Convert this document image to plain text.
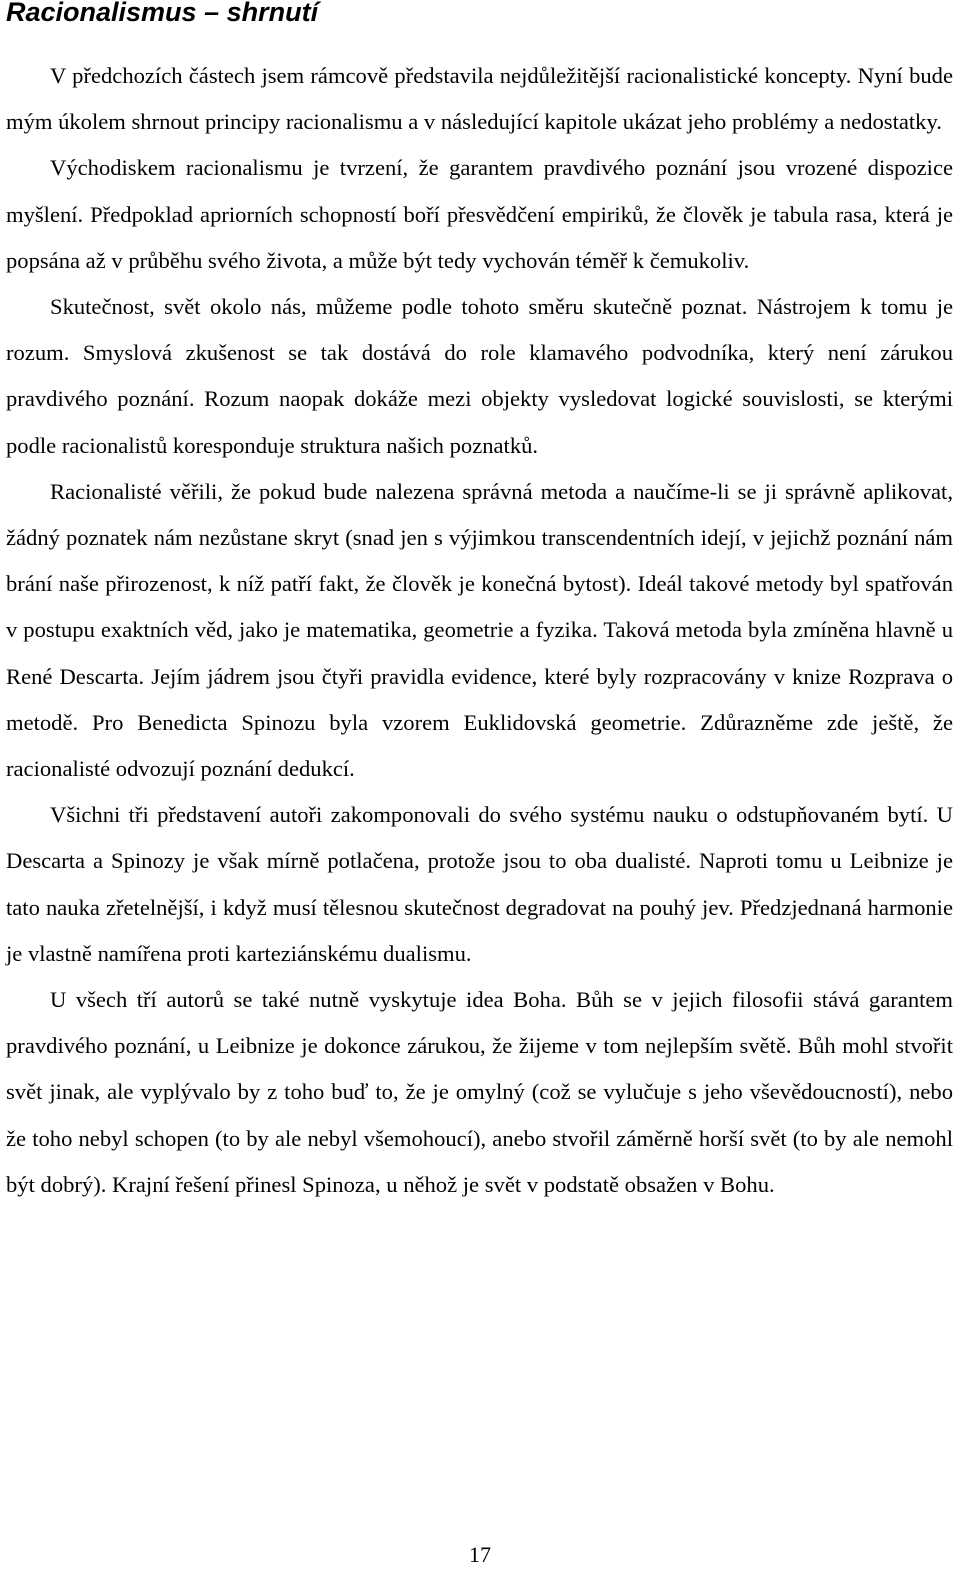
Racionalismus – shrnutí

V předchozích částech jsem rámcově představila nejdůležitější racionalistické koncepty. Nyní bude mým úkolem shrnout principy racionalismu a v následující kapitole ukázat jeho problémy a nedostatky.

Východiskem racionalismu je tvrzení, že garantem pravdivého poznání jsou vrozené dispozice myšlení. Předpoklad apriorních schopností boří přesvědčení empiriků, že člověk je tabula rasa, která je popsána až v průběhu svého života, a může být tedy vychován téměř k čemukoliv.

Skutečnost, svět okolo nás, můžeme podle tohoto směru skutečně poznat. Nástrojem k tomu je rozum. Smyslová zkušenost se tak dostává do role klamavého podvodníka, který není zárukou pravdivého poznání. Rozum naopak dokáže mezi objekty vysledovat logické souvislosti, se kterými podle racionalistů koresponduje struktura našich poznatků.

Racionalisté věřili, že pokud bude nalezena správná metoda a naučíme-li se ji správně aplikovat, žádný poznatek nám nezůstane skryt (snad jen s výjimkou transcendentních idejí, v jejichž poznání nám brání naše přirozenost, k níž patří fakt, že člověk je konečná bytost). Ideál takové metody byl spatřován v postupu exaktních věd, jako je matematika, geometrie a fyzika. Taková metoda byla zmíněna hlavně u René Descarta. Jejím jádrem jsou čtyři pravidla evidence, které byly rozpracovány v knize Rozprava o metodě. Pro Benedicta Spinozu byla vzorem Euklidovská geometrie. Zdůrazněme zde ještě, že racionalisté odvozují poznání dedukcí.

Všichni tři představení autoři zakomponovali do svého systému nauku o odstupňovaném bytí. U Descarta a Spinozy je však mírně potlačena, protože jsou to oba dualisté. Naproti tomu u Leibnize je tato nauka zřetelnější, i když musí tělesnou skutečnost degradovat na pouhý jev. Předzjednaná harmonie je vlastně namířena proti karteziánskému dualismu.

U všech tří autorů se také nutně vyskytuje idea Boha. Bůh se v jejich filosofii stává garantem pravdivého poznání, u Leibnize je dokonce zárukou, že žijeme v tom nejlepším světě. Bůh mohl stvořit svět jinak, ale vyplývalo by z toho buď to, že je omylný (což se vylučuje s jeho vševědoucností), nebo že toho nebyl schopen (to by ale nebyl všemohoucí), anebo stvořil záměrně horší svět (to by ale nemohl být dobrý). Krajní řešení přinesl Spinoza, u něhož je svět v podstatě obsažen v Bohu.

17
